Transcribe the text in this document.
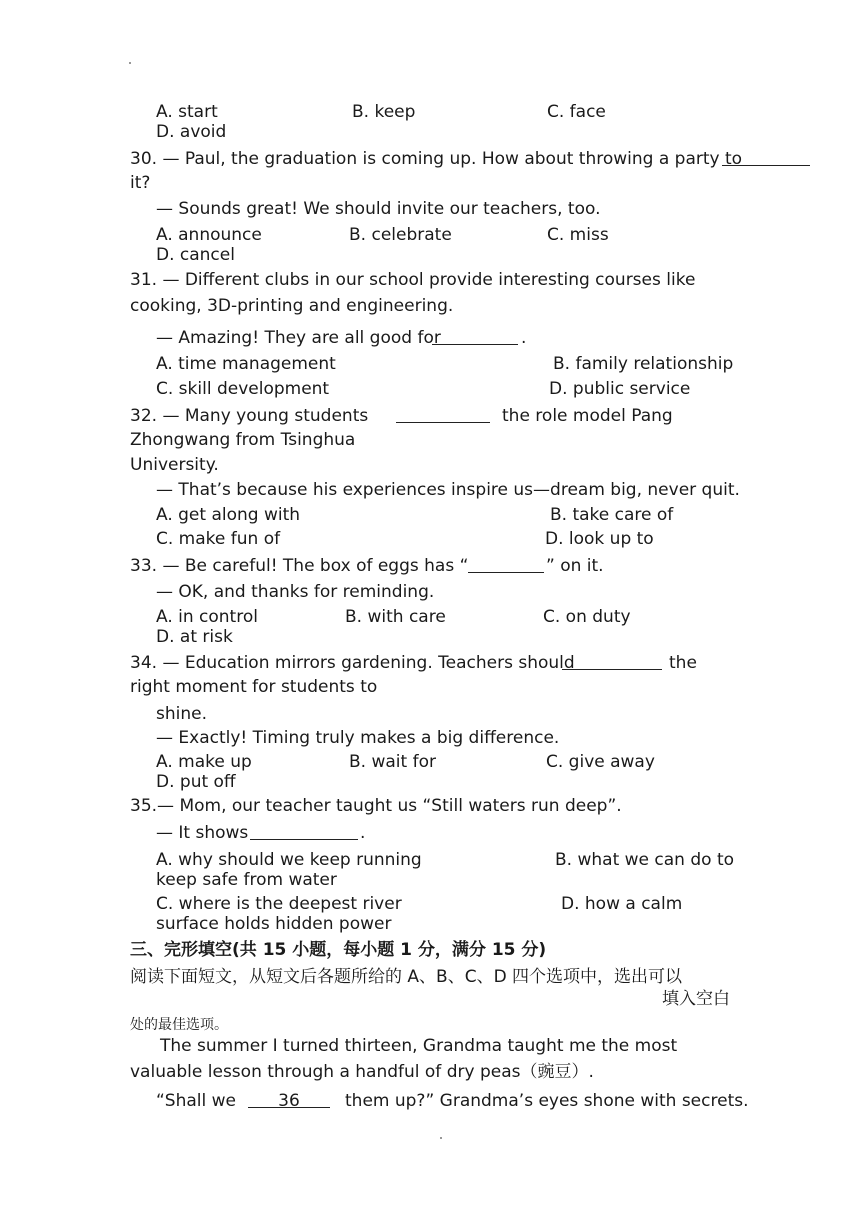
A. start	B. keep	C. face
D. avoid
30. — Paul, the graduation is coming up. How about throwing a party to
it?
— Sounds great! We should invite our teachers, too.
A. announce	B. celebrate	C. miss
D. cancel
31. — Different clubs in our school provide interesting courses like
cooking, 3D-printing and engineering.
— Amazing! They are all good for	.
A. time management	B. family relationship
C. skill development	D. public service
32. — Many young students	the role model Pang
Zhongwang from Tsinghua
University.
— That’s because his experiences inspire us—dream big, never quit.
A. get along with	B. take care of
C. make fun of	D. look up to
33. — Be careful! The box of eggs has “	” on it.
— OK, and thanks for reminding.
A. in control	B. with care	C. on duty
D. at risk
34. — Education mirrors gardening. Teachers should	the
right moment for students to
shine.
— Exactly! Timing truly makes a big difference.
A. make up	B. wait for	C. give away
D. put off
35.— Mom, our teacher taught us “Still waters run deep”.
— It shows	.
A. why should we keep running	B. what we can do to
keep safe from water
C. where is the deepest river	D. how a calm
surface holds hidden power
三、完形填空(共 15 小题，每小题 1 分，满分 15 分)
阅读下面短文，从短文后各题所给的 A、B、C、D 四个选项中，选出可以
填入空白
处的最佳选项。
The summer I turned thirteen, Grandma taught me the most
valuable lesson through a handful of dry peas（豌豆）.
“Shall we	36	them up?” Grandma’s eyes shone with secrets.
